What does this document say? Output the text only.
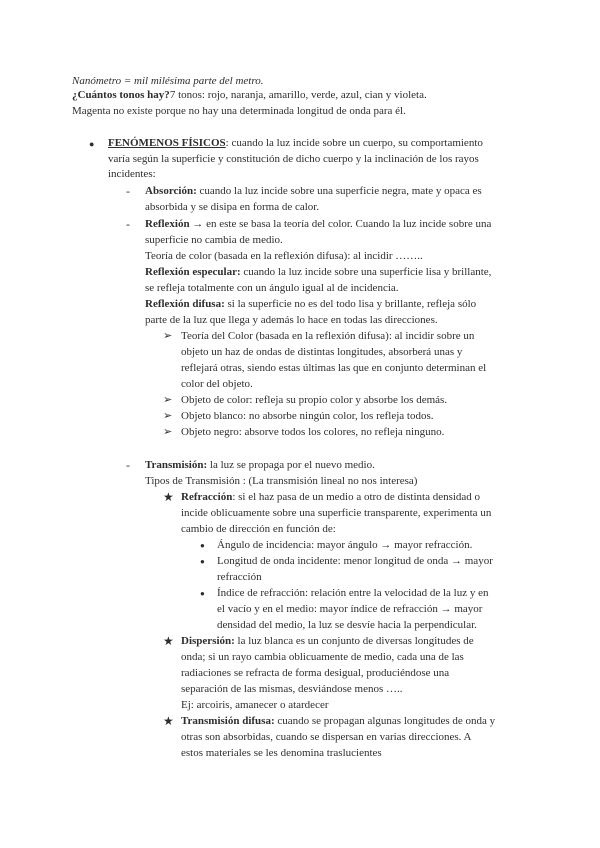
Nanómetro = mil milésima parte del metro.
¿Cuántos tonos hay?7 tonos: rojo, naranja, amarillo, verde, azul, cian y violeta.
Magenta no existe porque no hay una determinada longitud de onda para él.
● FENÓMENOS FÍSICOS: cuando la luz incide sobre un cuerpo, su comportamiento
varía según la superficie y constitución de dicho cuerpo y la inclinación de los rayos
incidentes:
- Absorción: cuando la luz incide sobre una superficie negra, mate y opaca es
absorbida y se disipa en forma de calor.
- Reflexión → en este se basa la teoría del color. Cuando la luz incide sobre una
superficie no cambia de medio.
Teoría de color (basada en la reflexión difusa): al incidir ……..
Reflexión especular: cuando la luz incide sobre una superficie lisa y brillante,
se refleja totalmente con un ángulo igual al de incidencia.
Reflexión difusa: si la superficie no es del todo lisa y brillante, refleja sólo
parte de la luz que llega y además lo hace en todas las direcciones.
➢ Teoría del Color (basada en la reflexión difusa): al incidir sobre un
objeto un haz de ondas de distintas longitudes, absorberá unas y
reflejará otras, siendo estas últimas las que en conjunto determinan el
color del objeto.
➢ Objeto de color: refleja su propio color y absorbe los demás.
➢ Objeto blanco: no absorbe ningún color, los refleja todos.
➢ Objeto negro: absorve todos los colores, no refleja ninguno.
- Transmisión: la luz se propaga por el nuevo medio.
Tipos de Transmisión : (La transmisión lineal no nos interesa)
★ Refracción: si el haz pasa de un medio a otro de distinta densidad o
incide oblicuamente sobre una superficie transparente, experimenta un
cambio de dirección en función de:
● Ángulo de incidencia: mayor ángulo → mayor refracción.
● Longitud de onda incidente: menor longitud de onda → mayor
refracción
● Índice de refracción: relación entre la velocidad de la luz y en
el vacío y en el medio: mayor índice de refracción → mayor
densidad del medio, la luz se desvíe hacia la perpendicular.
★ Dispersión: la luz blanca es un conjunto de diversas longitudes de
onda; si un rayo cambia oblicuamente de medio, cada una de las
radiaciones se refracta de forma desigual, produciéndose una
separación de las mismas, desviándose menos …..
Ej: arcoiris, amanecer o atardecer
★ Transmisión difusa: cuando se propagan algunas longitudes de onda y
otras son absorbidas, cuando se dispersan en varias direcciones. A
estos materiales se les denomina traslucientes
